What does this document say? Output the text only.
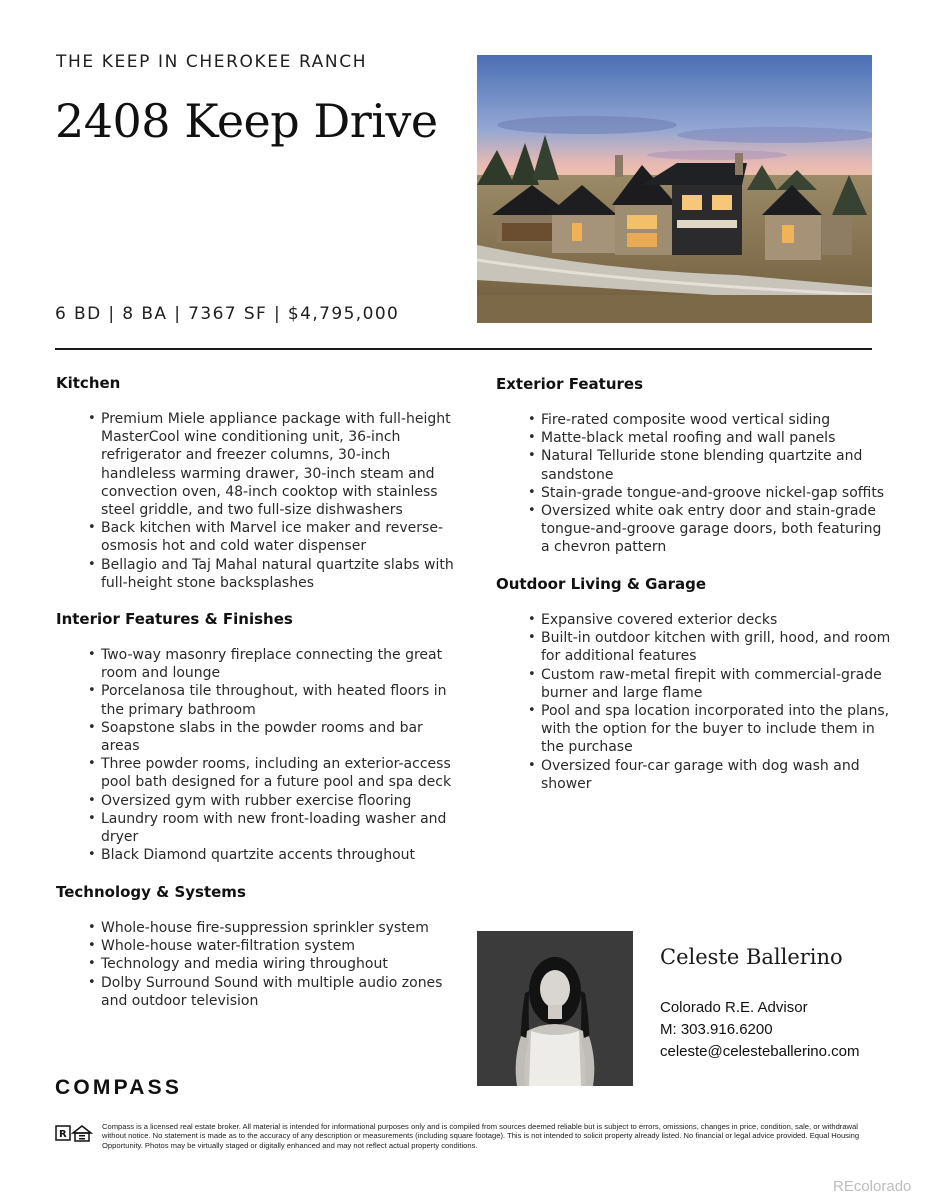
THE KEEP IN CHEROKEE RANCH
2408 Keep Drive
6 BD | 8 BA | 7367 SF | $4,795,000
Kitchen
• Premium Miele appliance package with full-height MasterCool wine conditioning unit, 36-inch refrigerator and freezer columns, 30-inch handleless warming drawer, 30-inch steam and convection oven, 48-inch cooktop with stainless steel griddle, and two full-size dishwashers
• Back kitchen with Marvel ice maker and reverse-osmosis hot and cold water dispenser
• Bellagio and Taj Mahal natural quartzite slabs with full-height stone backsplashes
Interior Features & Finishes
• Two-way masonry fireplace connecting the great room and lounge
• Porcelanosa tile throughout, with heated floors in the primary bathroom
• Soapstone slabs in the powder rooms and bar areas
• Three powder rooms, including an exterior-access pool bath designed for a future pool and spa deck
• Oversized gym with rubber exercise flooring
• Laundry room with new front-loading washer and dryer
• Black Diamond quartzite accents throughout
Technology & Systems
• Whole-house fire-suppression sprinkler system
• Whole-house water-filtration system
• Technology and media wiring throughout
• Dolby Surround Sound with multiple audio zones and outdoor television
Exterior Features
• Fire-rated composite wood vertical siding
• Matte-black metal roofing and wall panels
• Natural Telluride stone blending quartzite and sandstone
• Stain-grade tongue-and-groove nickel-gap soffits
• Oversized white oak entry door and stain-grade tongue-and-groove garage doors, both featuring a chevron pattern
Outdoor Living & Garage
• Expansive covered exterior decks
• Built-in outdoor kitchen with grill, hood, and room for additional features
• Custom raw-metal firepit with commercial-grade burner and large flame
• Pool and spa location incorporated into the plans, with the option for the buyer to include them in the purchase
• Oversized four-car garage with dog wash and shower
Celeste Ballerino
Colorado R.E. Advisor
M: 303.916.6200
celeste@celesteballerino.com
COMPASS
R
Compass is a licensed real estate broker. All material is intended for informational purposes only and is compiled from sources deemed reliable but is subject to errors, omissions, changes in price, condition, sale, or withdrawal without notice. No statement is made as to the accuracy of any description or measurements (including square footage). This is not intended to solicit property already listed. No financial or legal advice provided. Equal Housing Opportunity. Photos may be virtually staged or digitally enhanced and may not reflect actual property conditions.
REcolorado
